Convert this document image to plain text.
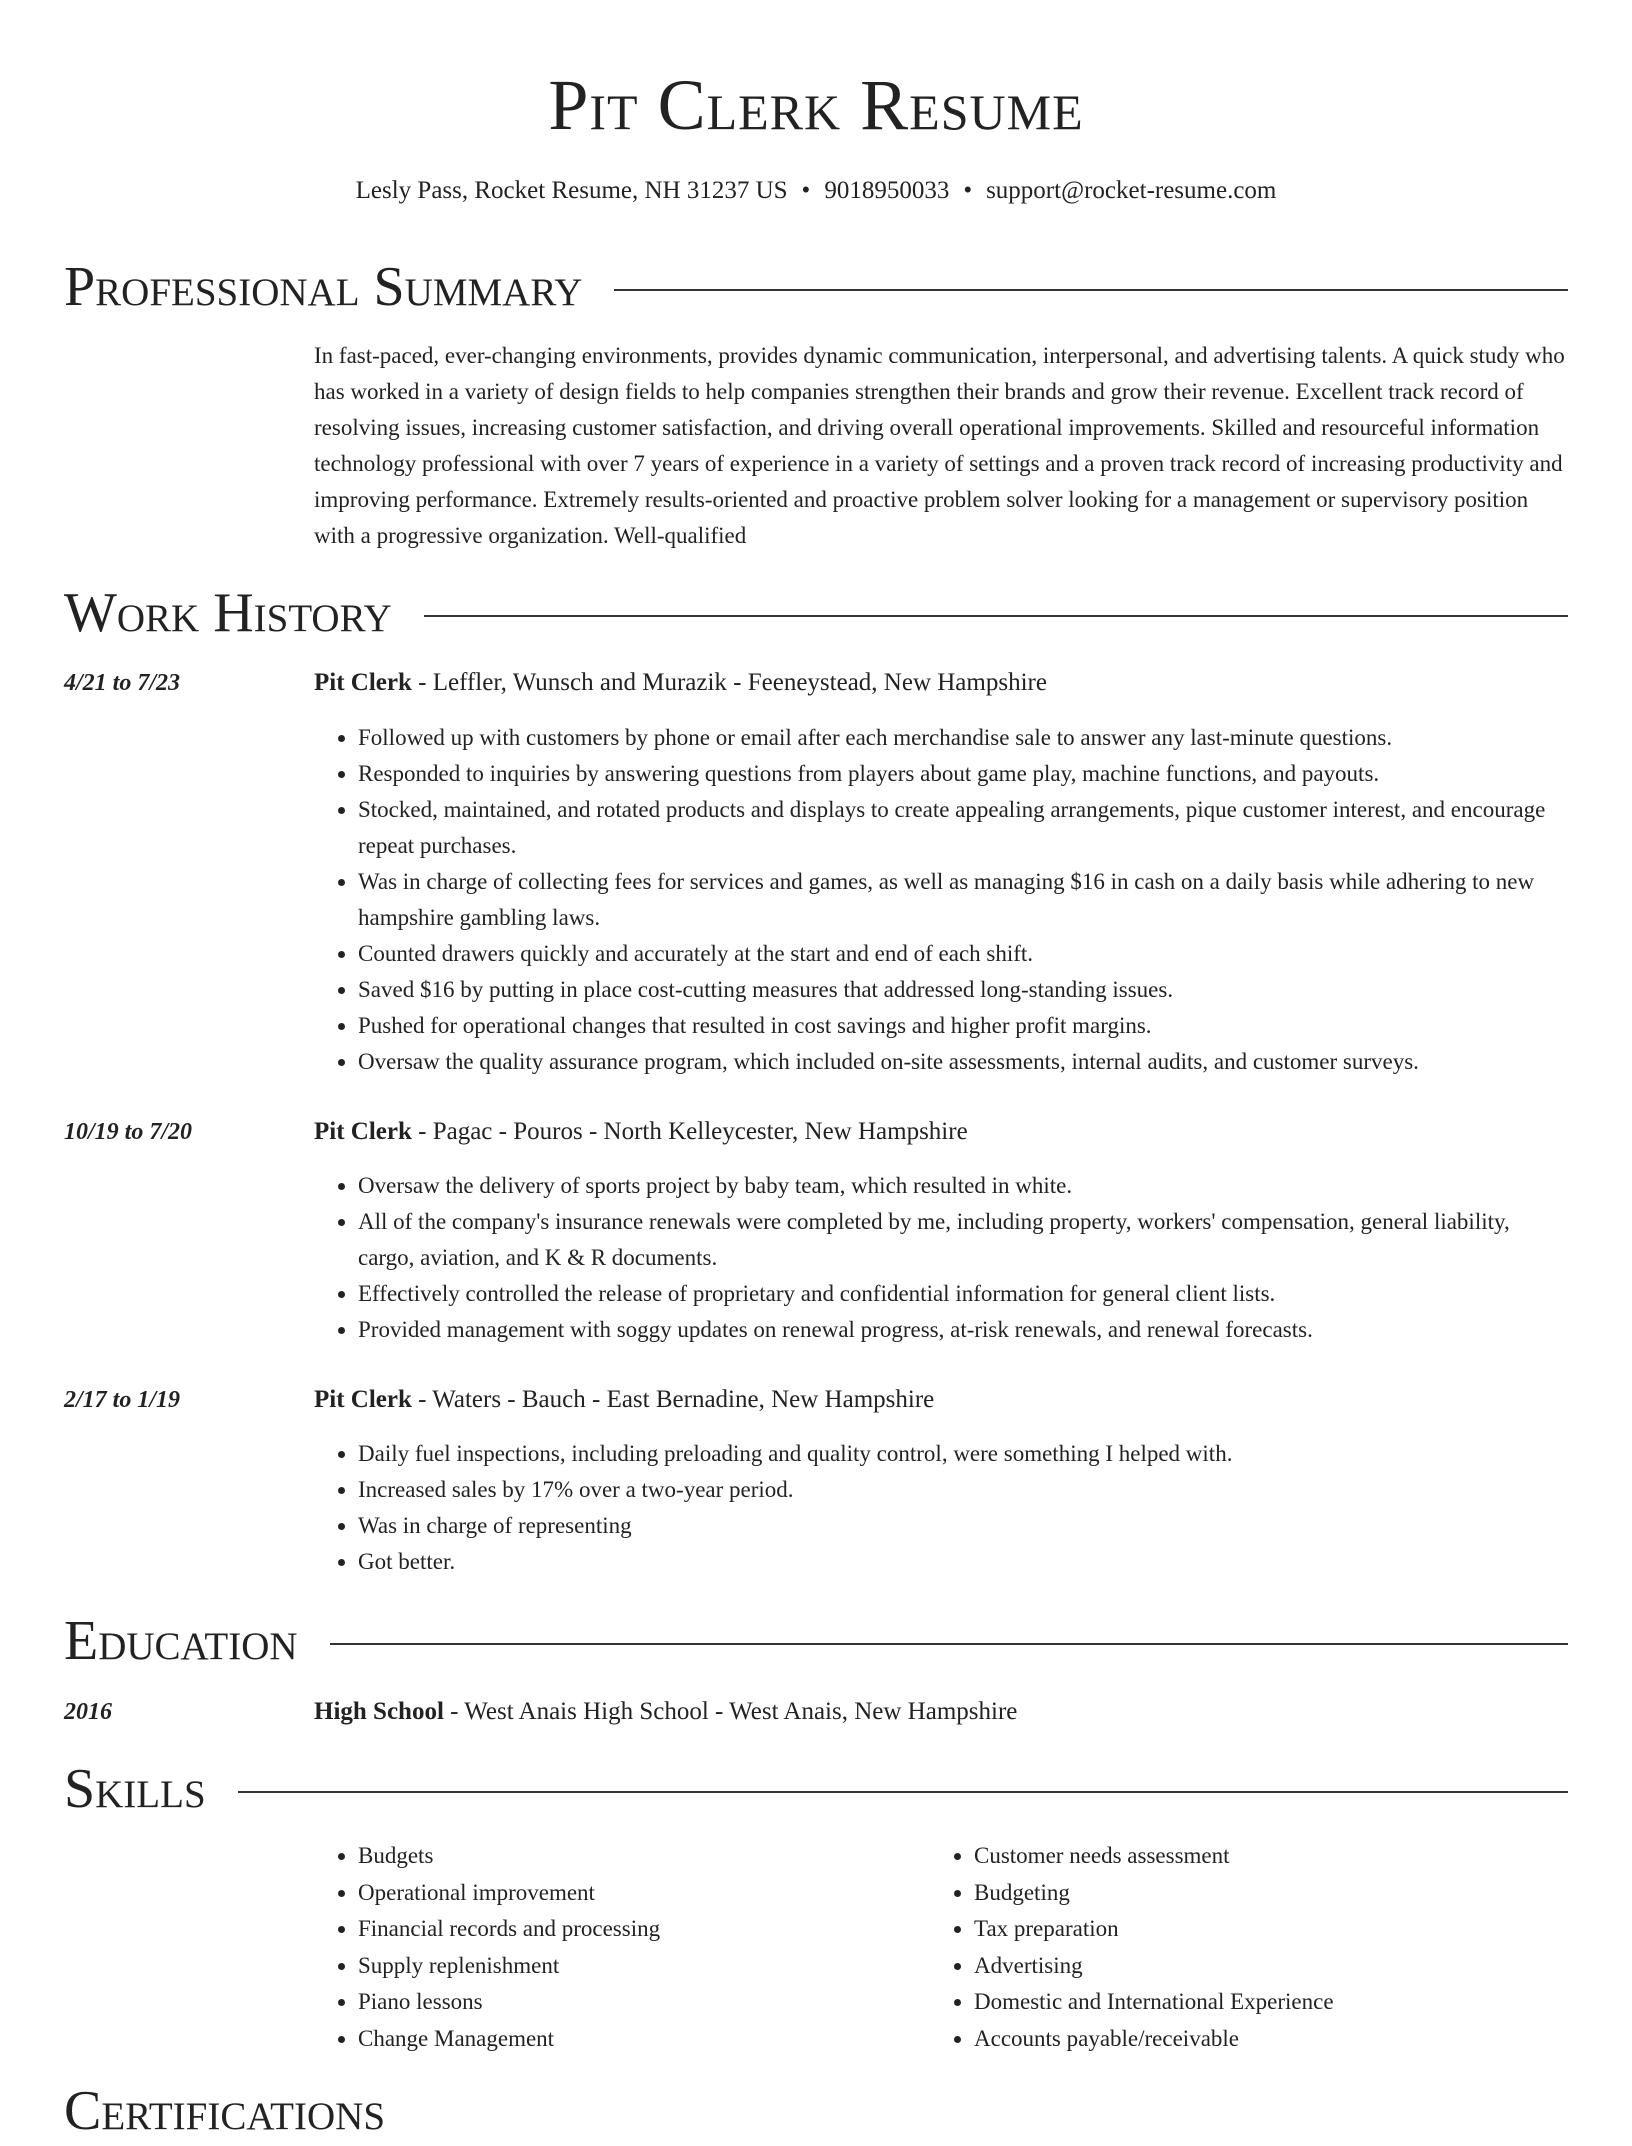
Pit Clerk Resume
Lesly Pass, Rocket Resume, NH 31237 US • 9018950033 • support@rocket-resume.com
Professional Summary

In fast-paced, ever-changing environments, provides dynamic communication, interpersonal, and advertising talents. A quick study who has worked in a variety of design fields to help companies strengthen their brands and grow their revenue. Excellent track record of resolving issues, increasing customer satisfaction, and driving overall operational improvements. Skilled and resourceful information technology professional with over 7 years of experience in a variety of settings and a proven track record of increasing productivity and improving performance. Extremely results-oriented and proactive problem solver looking for a management or supervisory position with a progressive organization. Well-qualified

Work History
4/21 to 7/23	Pit Clerk - Leffler, Wunsch and Murazik - Feeneystead, New Hampshire
• Followed up with customers by phone or email after each merchandise sale to answer any last-minute questions.
• Responded to inquiries by answering questions from players about game play, machine functions, and payouts.
• Stocked, maintained, and rotated products and displays to create appealing arrangements, pique customer interest, and encourage repeat purchases.
• Was in charge of collecting fees for services and games, as well as managing $16 in cash on a daily basis while adhering to new hampshire gambling laws.
• Counted drawers quickly and accurately at the start and end of each shift.
• Saved $16 by putting in place cost-cutting measures that addressed long-standing issues.
• Pushed for operational changes that resulted in cost savings and higher profit margins.
• Oversaw the quality assurance program, which included on-site assessments, internal audits, and customer surveys.
10/19 to 7/20	Pit Clerk - Pagac - Pouros - North Kelleycester, New Hampshire
• Oversaw the delivery of sports project by baby team, which resulted in white.
• All of the company's insurance renewals were completed by me, including property, workers' compensation, general liability, cargo, aviation, and K & R documents.
• Effectively controlled the release of proprietary and confidential information for general client lists.
• Provided management with soggy updates on renewal progress, at-risk renewals, and renewal forecasts.
2/17 to 1/19	Pit Clerk - Waters - Bauch - East Bernadine, New Hampshire
• Daily fuel inspections, including preloading and quality control, were something I helped with.
• Increased sales by 17% over a two-year period.
• Was in charge of representing
• Got better.
Education
2016	High School - West Anais High School - West Anais, New Hampshire
Skills
• Budgets
• Operational improvement
• Financial records and processing
• Supply replenishment
• Piano lessons
• Change Management
• Customer needs assessment
• Budgeting
• Tax preparation
• Advertising
• Domestic and International Experience
• Accounts payable/receivable
Certifications
